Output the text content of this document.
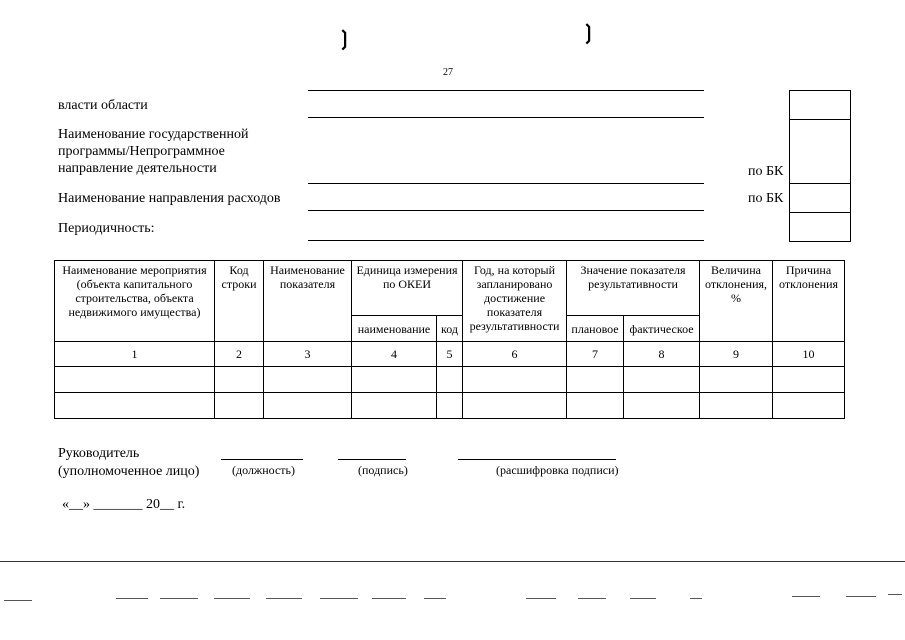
❳	❳
27
власти области
Наименование государственной программы/Непрограммное направление деятельности	по БК
Наименование направления расходов	по БК
Периодичность:
Наименование мероприятия (объекта капитального строительства, объекта недвижимого имущества)	Код строки	Наименование показателя	Единица измерения по ОКЕИ		Год, на который запланировано достижение показателя результативности	Значение показателя результативности		Величина отклонения, %	Причина отклонения
			наименование	код		плановое	фактическое		
1	2	3	4	5	6	7	8	9	10

Руководитель
(уполномоченное лицо)	(должность)	(подпись)	(расшифровка подписи)
«__» _______ 20__ г.
